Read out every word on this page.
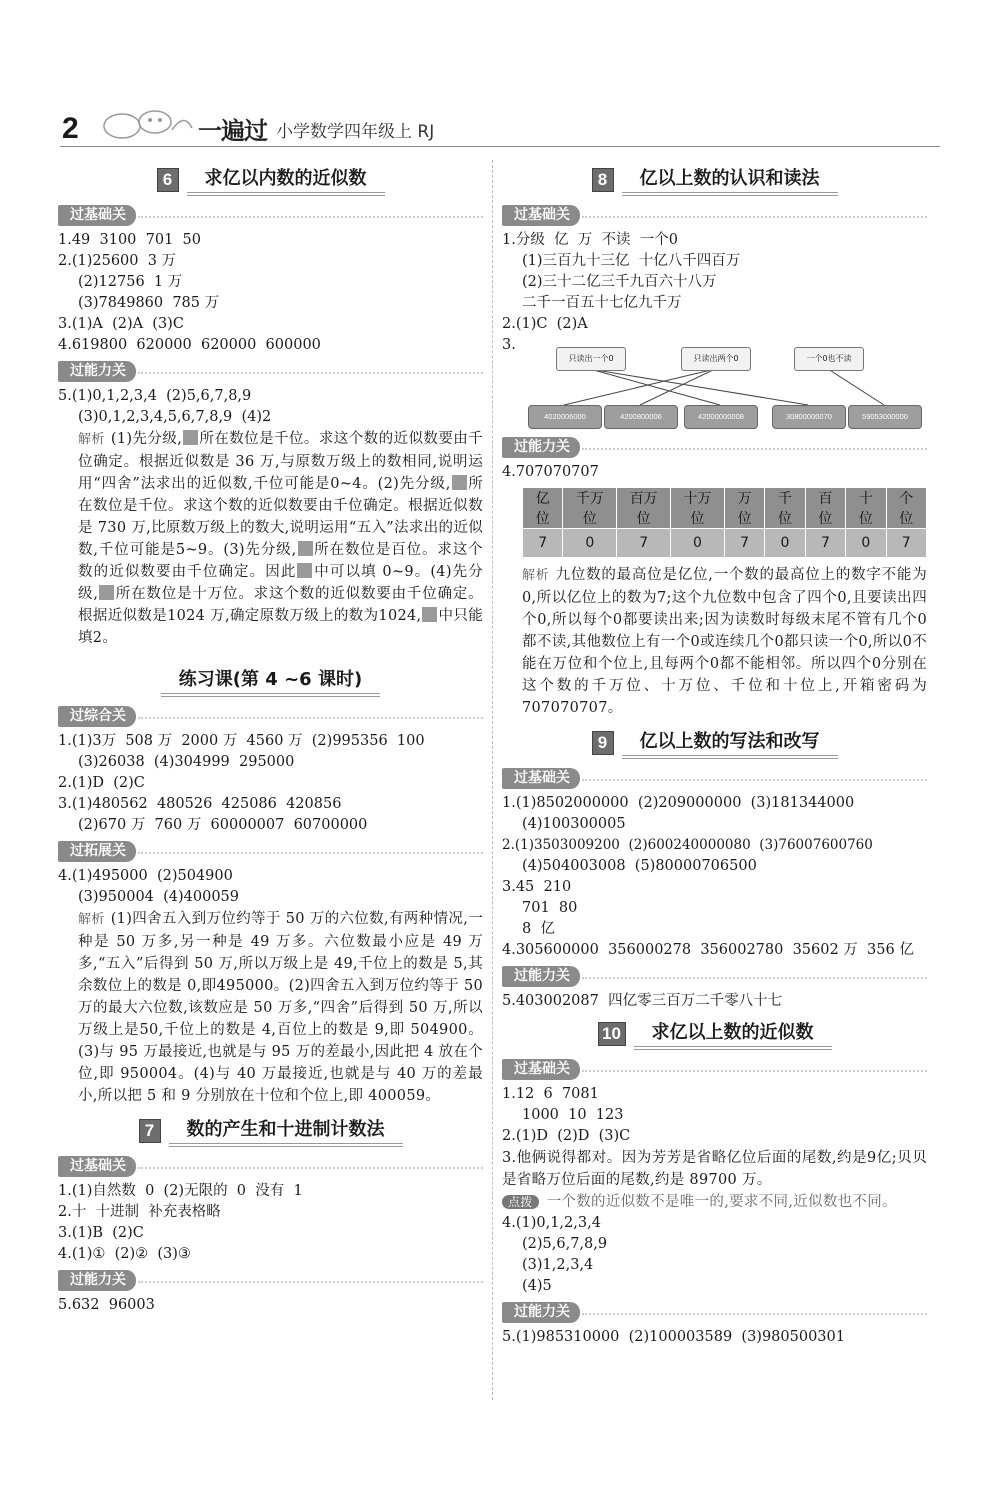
2	一遍过 小学数学四年级上 RJ
6	求亿以内数的近似数
过基础关
1.49  3100  701  50
2.(1)25600  3 万
(2)12756  1 万
(3)7849860  785 万
3.(1)A  (2)A  (3)C
4.619800  620000  620000  600000
过能力关
5.(1)0,1,2,3,4  (2)5,6,7,8,9
(3)0,1,2,3,4,5,6,7,8,9  (4)2
解析 (1)先分级, 所在数位是千位。求这个数的近似数要由千位确定。根据近似数是 36 万,与原数万级上的数相同,说明运用“四舍”法求出的近似数,千位可能是0~4。(2)先分级, 所在数位是千位。求这个数的近似数要由千位确定。根据近似数是 730 万,比原数万级上的数大,说明运用“五入”法求出的近似数,千位可能是5~9。(3)先分级, 所在数位是百位。求这个数的近似数要由千位确定。因此 中可以填 0~9。(4)先分级, 所在数位是十万位。求这个数的近似数要由千位确定。根据近似数是1024 万,确定原数万级上的数为1024, 中只能填2。
练习课(第 4 ~6 课时)
过综合关
1.(1)3万  508 万  2000 万  4560 万  (2)995356  100
(3)26038  (4)304999  295000
2.(1)D  (2)C
3.(1)480562  480526  425086  420856
(2)670 万  760 万  60000007  60700000
过拓展关
4.(1)495000  (2)504900
(3)950004  (4)400059
解析 (1)四舍五入到万位约等于 50 万的六位数,有两种情况,一种是 50 万多,另一种是 49 万多。六位数最小应是 49 万多,“五入”后得到 50 万,所以万级上是 49,千位上的数是 5,其余数位上的数是 0,即495000。(2)四舍五入到万位约等于 50 万的最大六位数,该数应是 50 万多,“四舍”后得到 50 万,所以万级上是50,千位上的数是 4,百位上的数是 9,即 504900。(3)与 95 万最接近,也就是与 95 万的差最小,因此把 4 放在个位,即 950004。(4)与 40 万最接近,也就是与 40 万的差最小,所以把 5 和 9 分别放在十位和个位上,即 400059。
7	数的产生和十进制计数法
过基础关
1.(1)自然数  0  (2)无限的  0  没有  1
2.十  十进制  补充表格略
3.(1)B  (2)C
4.(1)①  (2)②  (3)③
过能力关
5.632  96003
8	亿以上数的认识和读法
过基础关
1.分级  亿  万  不读  一个0
(1)三百九十三亿  十亿八千四百万
(2)三十二亿三千九百六十八万
二千一百五十七亿九千万
2.(1)C  (2)A
3.
只读出一个0	只读出两个0	一个0也不读
4020006000	4200800006	42000000008	30800000070	59053000000
过能力关
4.707070707
亿位	千万位	百万位	十万位	万位	千位	百位	十位	个位
7	0	7	0	7	0	7	0	7
解析 九位数的最高位是亿位,一个数的最高位上的数字不能为0,所以亿位上的数为7;这个九位数中包含了四个0,且要读出四个0,所以每个0都要读出来;因为读数时每级末尾不管有几个0都不读,其他数位上有一个0或连续几个0都只读一个0,所以0不能在万位和个位上,且每两个0都不能相邻。所以四个0分别在这个数的千万位、十万位、千位和十位上,开箱密码为707070707。
9	亿以上数的写法和改写
过基础关
1.(1)8502000000  (2)209000000  (3)181344000
(4)100300005
2.(1)3503009200  (2)600240000080  (3)76007600760
(4)504003008  (5)80000706500
3.45  210
701  80
8  亿
4.305600000  356000278  356002780  35602 万  356 亿
过能力关
5.403002087  四亿零三百万二千零八十七
10	求亿以上数的近似数
过基础关
1.12  6  7081
1000  10  123
2.(1)D  (2)D  (3)C
3.他俩说得都对。因为芳芳是省略亿位后面的尾数,约是9亿;贝贝是省略万位后面的尾数,约是 89700 万。
点拨 一个数的近似数不是唯一的,要求不同,近似数也不同。
4.(1)0,1,2,3,4
(2)5,6,7,8,9
(3)1,2,3,4
(4)5
过能力关
5.(1)985310000  (2)100003589  (3)980500301
